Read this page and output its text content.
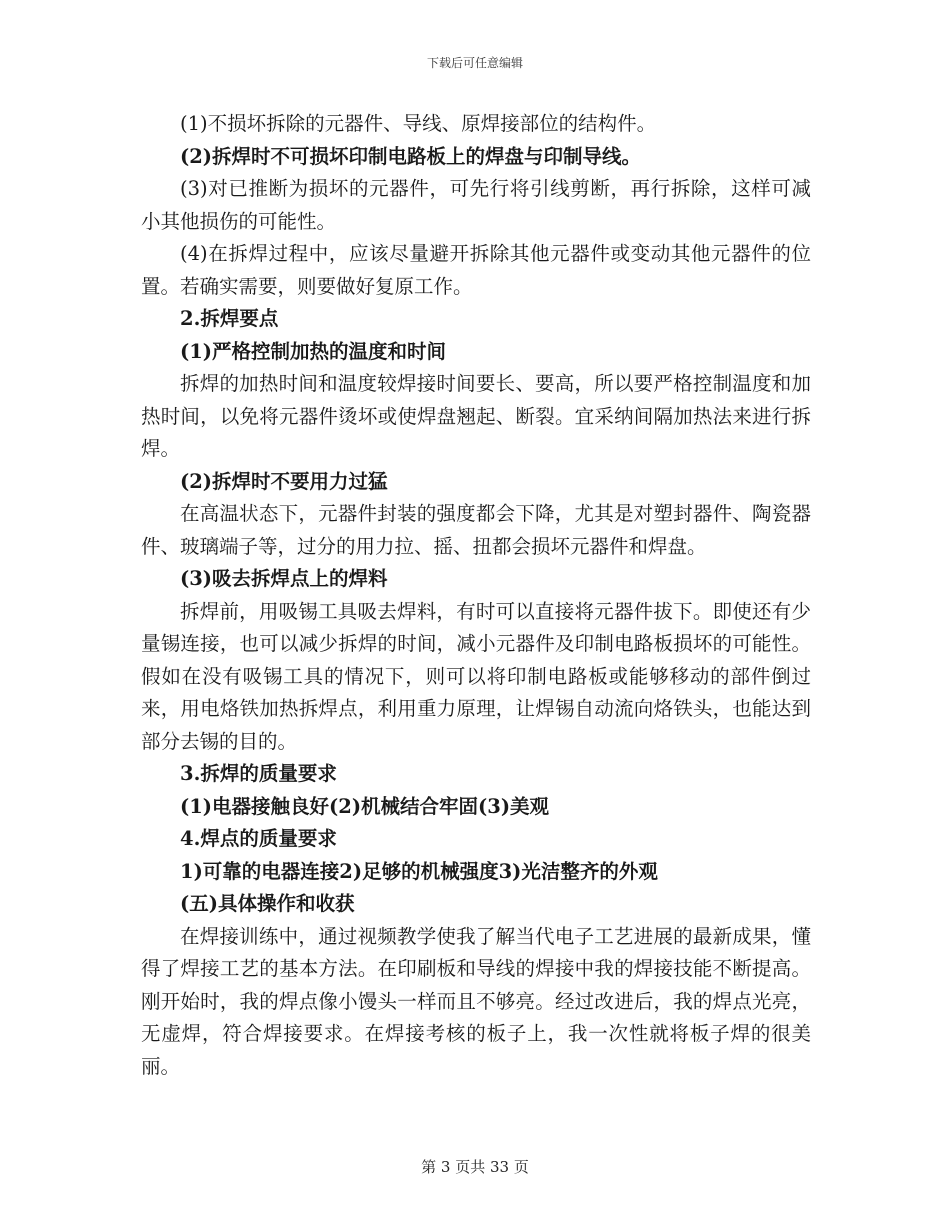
下载后可任意编辑

(1)不损坏拆除的元器件、导线、原焊接部位的结构件。

(2)拆焊时不可损坏印制电路板上的焊盘与印制导线。

(3)对已推断为损坏的元器件，可先行将引线剪断，再行拆除，这样可减小其他损伤的可能性。

(4)在拆焊过程中，应该尽量避开拆除其他元器件或变动其他元器件的位置。若确实需要，则要做好复原工作。

2.拆焊要点

(1)严格控制加热的温度和时间

拆焊的加热时间和温度较焊接时间要长、要高，所以要严格控制温度和加热时间，以免将元器件烫坏或使焊盘翘起、断裂。宜采纳间隔加热法来进行拆焊。

(2)拆焊时不要用力过猛

在高温状态下，元器件封装的强度都会下降，尤其是对塑封器件、陶瓷器件、玻璃端子等，过分的用力拉、摇、扭都会损坏元器件和焊盘。

(3)吸去拆焊点上的焊料

拆焊前，用吸锡工具吸去焊料，有时可以直接将元器件拔下。即使还有少量锡连接，也可以减少拆焊的时间，减小元器件及印制电路板损坏的可能性。假如在没有吸锡工具的情况下，则可以将印制电路板或能够移动的部件倒过来，用电烙铁加热拆焊点，利用重力原理，让焊锡自动流向烙铁头，也能达到部分去锡的目的。

3.拆焊的质量要求

(1)电器接触良好(2)机械结合牢固(3)美观

4.焊点的质量要求

1)可靠的电器连接2)足够的机械强度3)光洁整齐的外观

(五)具体操作和收获

在焊接训练中，通过视频教学使我了解当代电子工艺进展的最新成果，懂得了焊接工艺的基本方法。在印刷板和导线的焊接中我的焊接技能不断提高。刚开始时，我的焊点像小馒头一样而且不够亮。经过改进后，我的焊点光亮，无虚焊，符合焊接要求。在焊接考核的板子上，我一次性就将板子焊的很美丽。

第 3 页共 33 页
